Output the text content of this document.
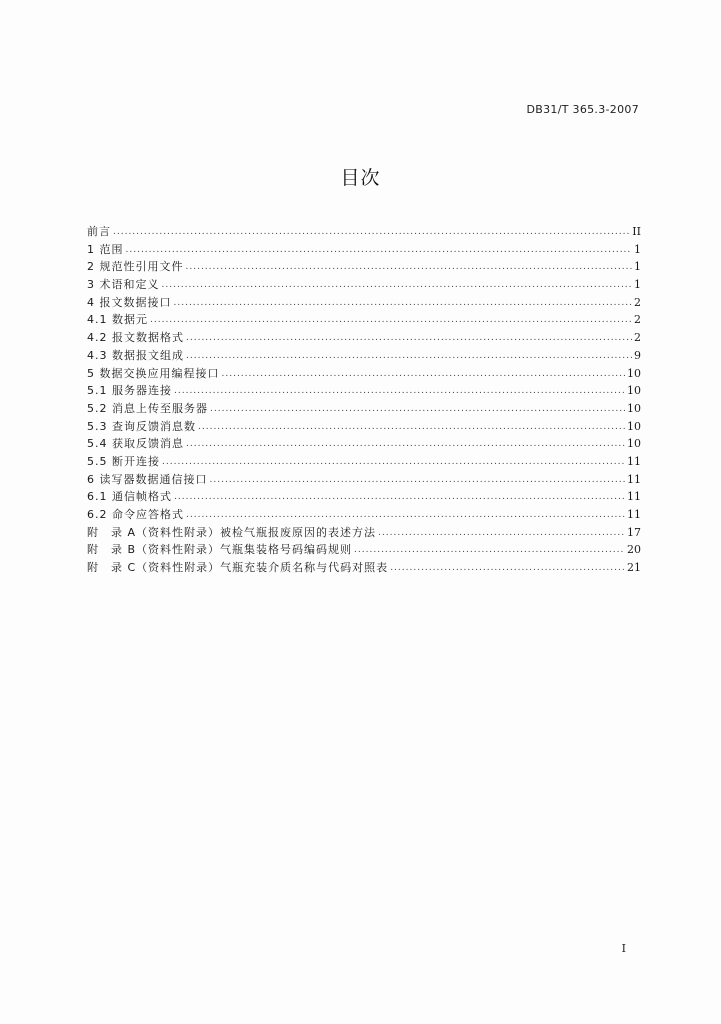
DB31/T 365.3-2007
目次
前言 .....	II
1 范围 .....	1
2 规范性引用文件 .....	1
3 术语和定义 .....	1
4 报文数据接口 .....	2
4.1 数据元 .....	2
4.2 报文数据格式 .....	2
4.3 数据报文组成 .....	9
5 数据交换应用编程接口 .....	10
5.1 服务器连接 .....	10
5.2 消息上传至服务器 .....	10
5.3 查询反馈消息数 .....	10
5.4 获取反馈消息 .....	10
5.5 断开连接 .....	11
6 读写器数据通信接口 .....	11
6.1 通信帧格式 .....	11
6.2 命令应答格式 .....	11
附　录 A（资料性附录）被检气瓶报废原因的表述方法 .....	17
附　录 B（资料性附录）气瓶集装格号码编码规则 .....	20
附　录 C（资料性附录）气瓶充装介质名称与代码对照表 .....	21
I
